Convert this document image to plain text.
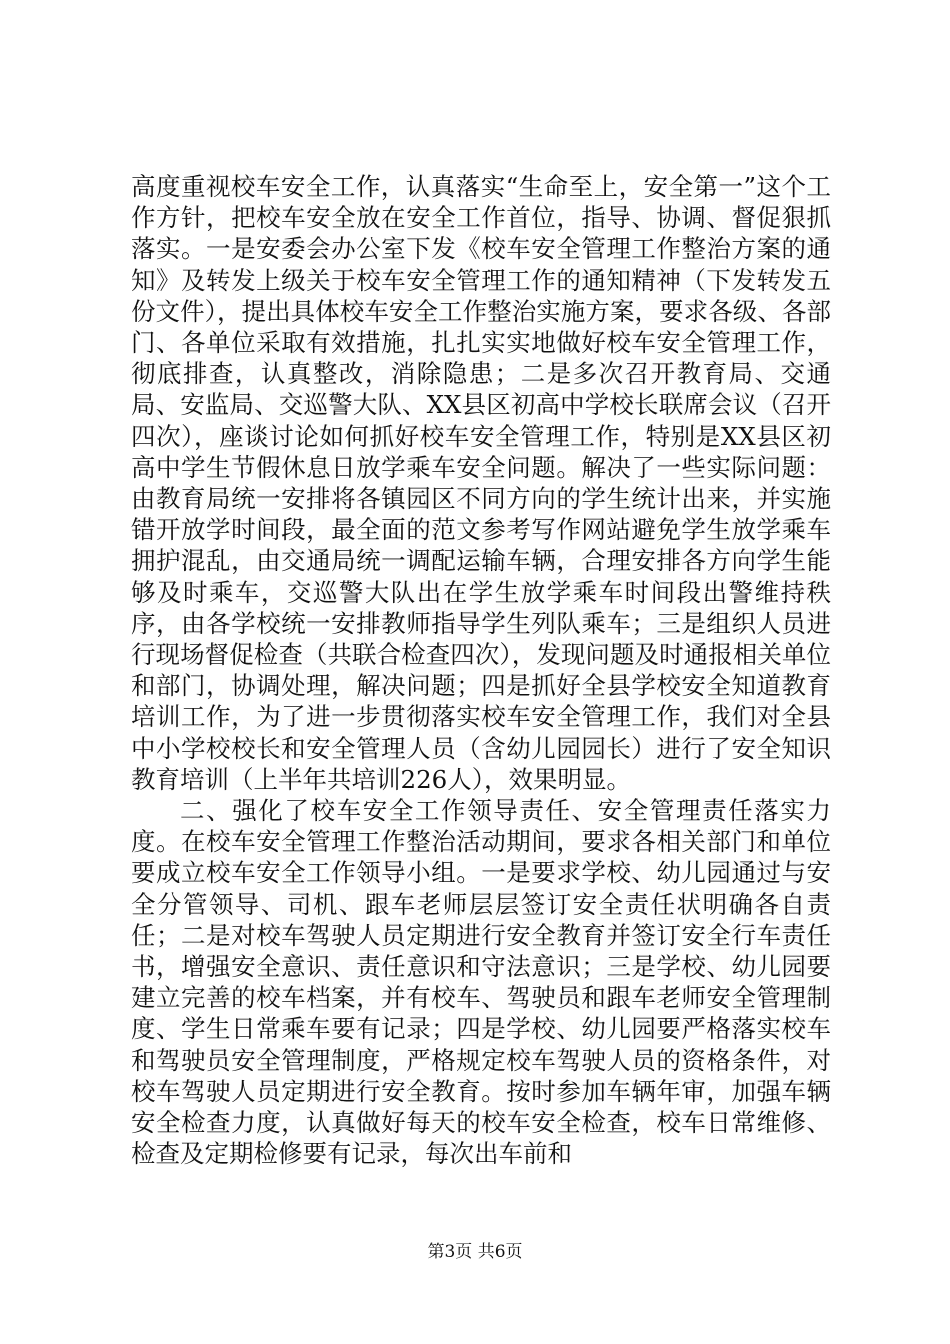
高度重视校车安全工作，认真落实“生命至上，安全第一”这个工作方针，把校车安全放在安全工作首位，指导、协调、督促狠抓落实。一是安委会办公室下发《校车安全管理工作整治方案的通知》及转发上级关于校车安全管理工作的通知精神（下发转发五份文件），提出具体校车安全工作整治实施方案，要求各级、各部门、各单位采取有效措施，扎扎实实地做好校车安全管理工作，彻底排查，认真整改，消除隐患；二是多次召开教育局、交通局、安监局、交巡警大队、XX县区初高中学校长联席会议（召开四次），座谈讨论如何抓好校车安全管理工作，特别是XX县区初高中学生节假休息日放学乘车安全问题。解决了一些实际问题：由教育局统一安排将各镇园区不同方向的学生统计出来，并实施错开放学时间段，最全面的范文参考写作网站避免学生放学乘车拥护混乱，由交通局统一调配运输车辆，合理安排各方向学生能够及时乘车，交巡警大队出在学生放学乘车时间段出警维持秩序，由各学校统一安排教师指导学生列队乘车；三是组织人员进行现场督促检查（共联合检查四次），发现问题及时通报相关单位和部门，协调处理，解决问题；四是抓好全县学校安全知道教育培训工作，为了进一步贯彻落实校车安全管理工作，我们对全县中小学校校长和安全管理人员（含幼儿园园长）进行了安全知识教育培训（上半年共培训226人），效果明显。

二、强化了校车安全工作领导责任、安全管理责任落实力度。在校车安全管理工作整治活动期间，要求各相关部门和单位要成立校车安全工作领导小组。一是要求学校、幼儿园通过与安全分管领导、司机、跟车老师层层签订安全责任状明确各自责任；二是对校车驾驶人员定期进行安全教育并签订安全行车责任书，增强安全意识、责任意识和守法意识；三是学校、幼儿园要建立完善的校车档案，并有校车、驾驶员和跟车老师安全管理制度、学生日常乘车要有记录；四是学校、幼儿园要严格落实校车和驾驶员安全管理制度，严格规定校车驾驶人员的资格条件，对校车驾驶人员定期进行安全教育。按时参加车辆年审，加强车辆安全检查力度，认真做好每天的校车安全检查，校车日常维修、检查及定期检修要有记录，每次出车前和

第3页 共6页
